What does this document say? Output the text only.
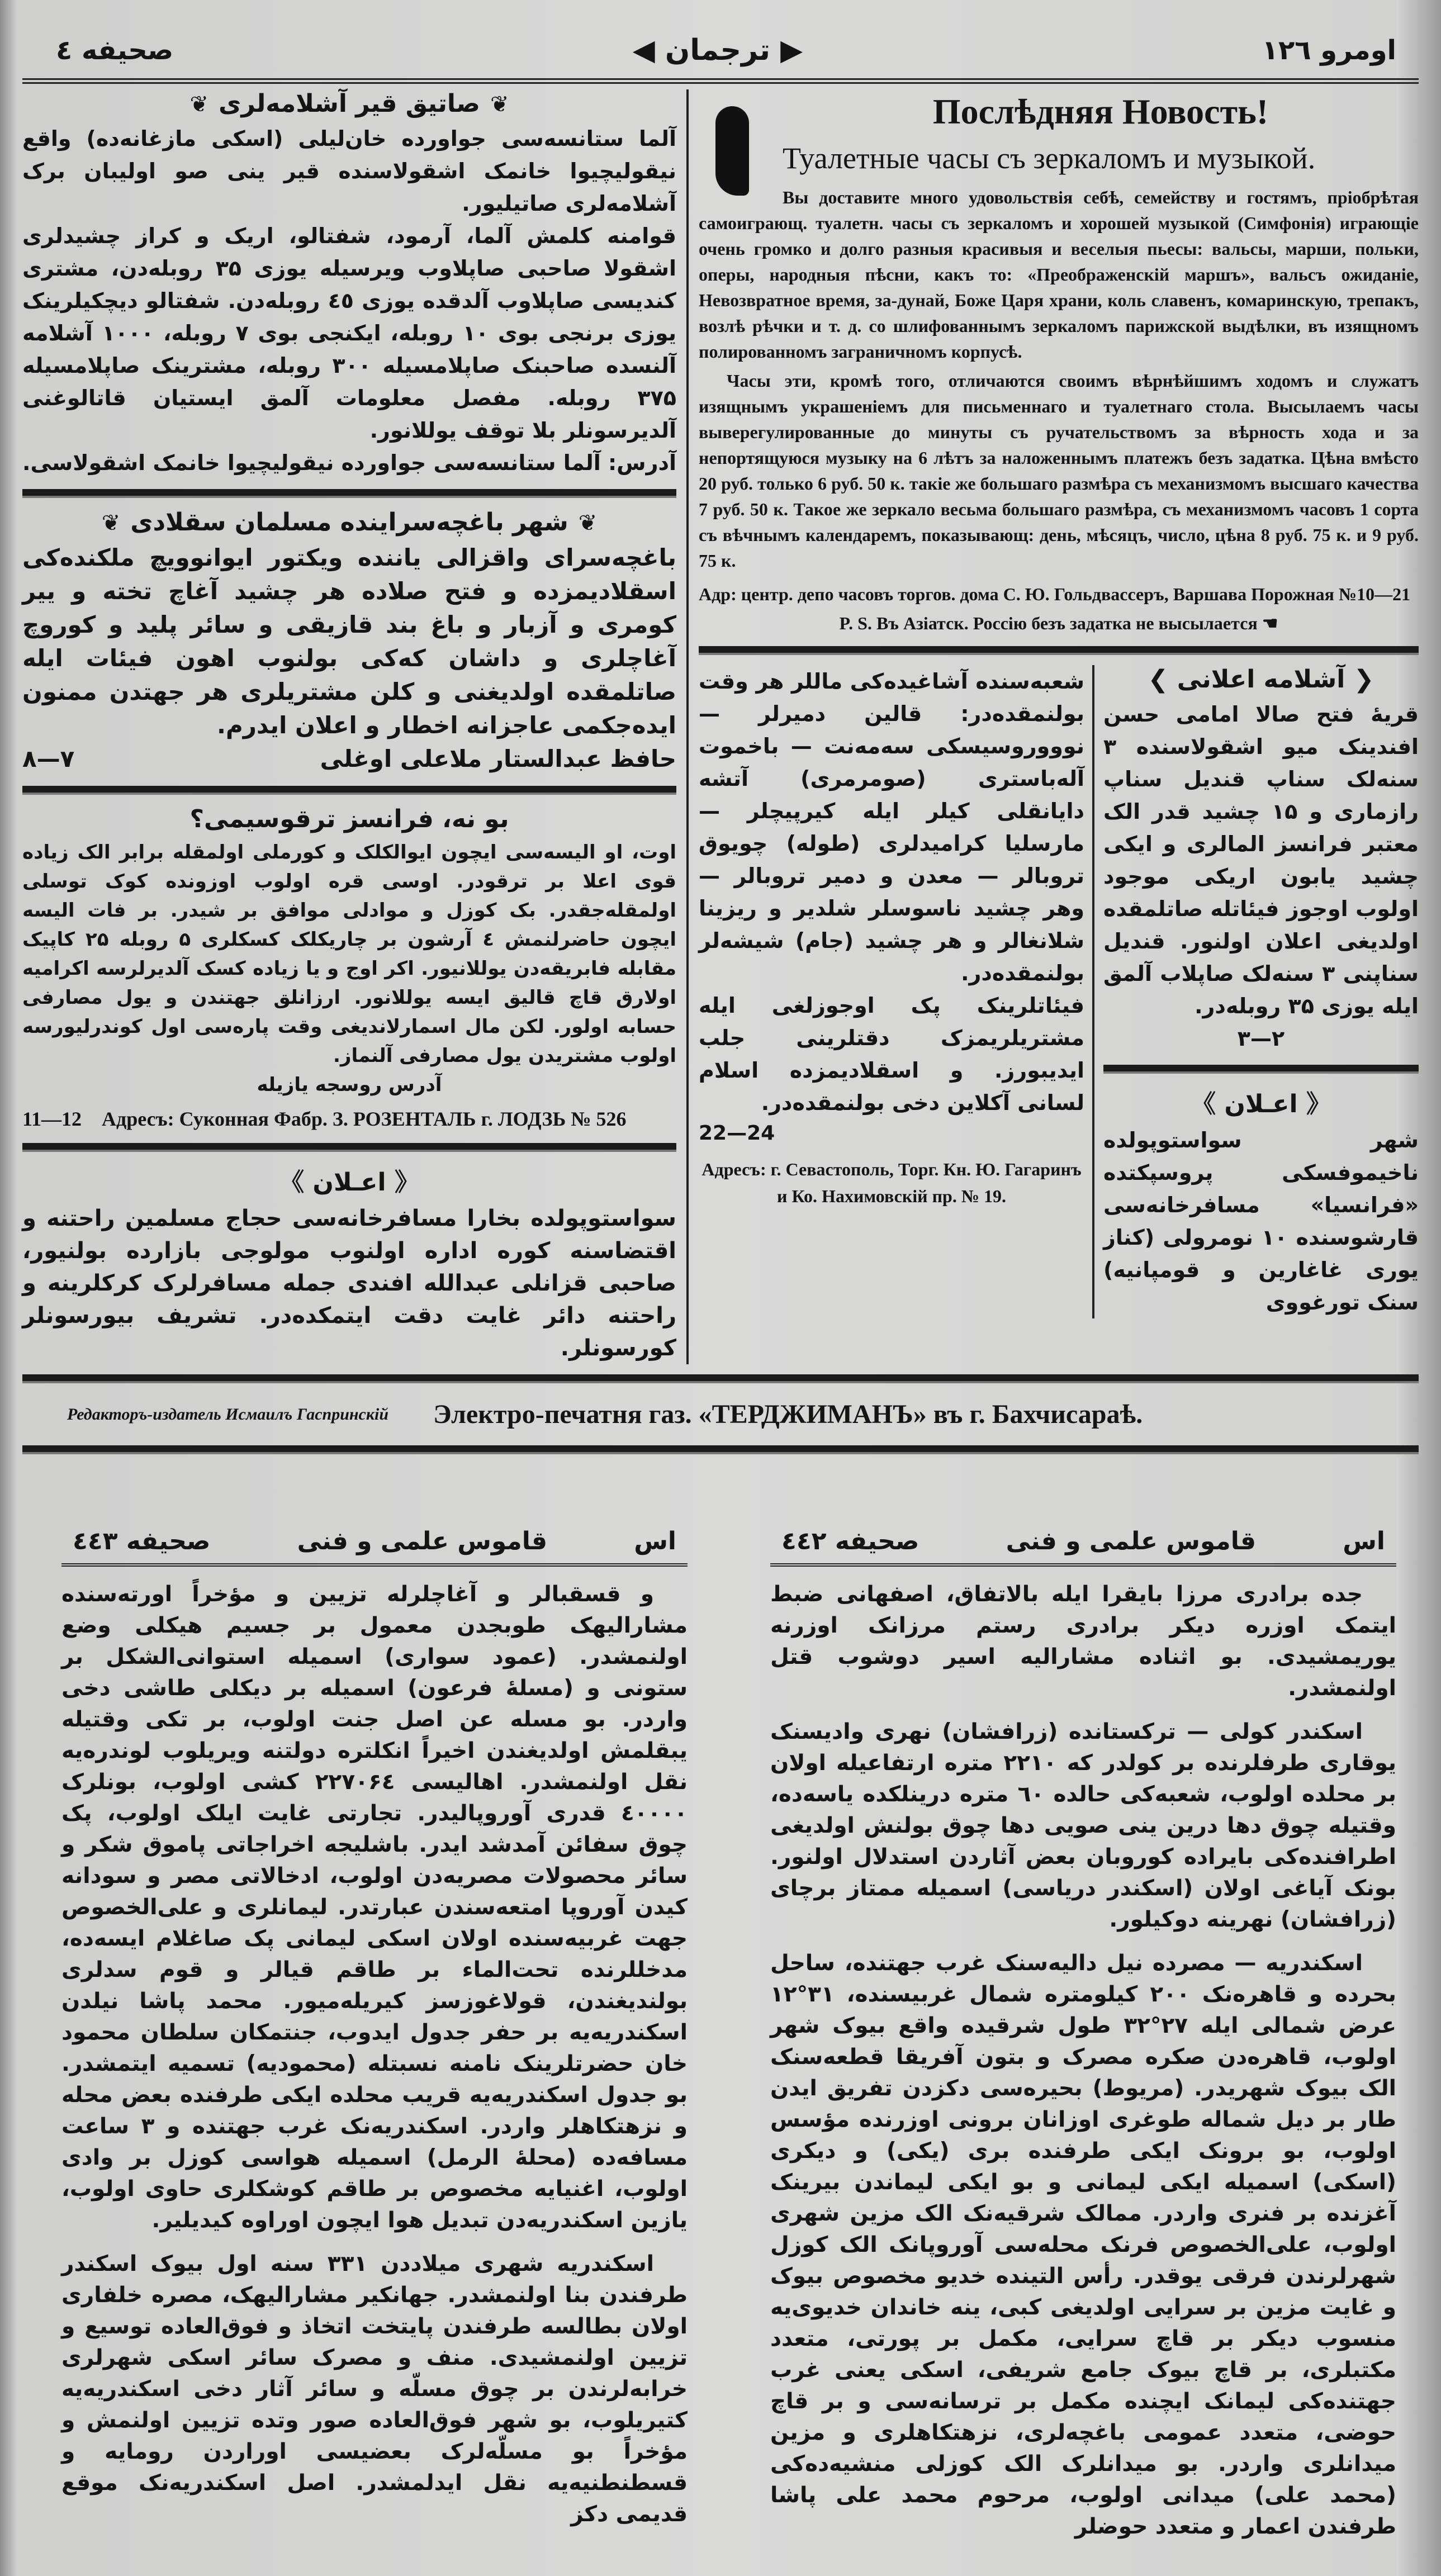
صحیفه ٤	◀ ترجمان ▶	اومرو ١٢٦
❦صاتیق قیر آشلامه‌لری❦

آلما ستانسه‌سی جواورده خان‌لیلی (اسکی مازغانه‌ده) واقع نیقولیچیوا خانمک اشقولاسنده قیر ینی صو اولیبان برک آشلامه‌لری صاتیلیور.

قوامنه کلمش آلما، آرمود، شفتالو، اریک و کراز چشیدلری اشقولا صاحبی صاپلاوب ویرسیله یوزی ۳۵ روبله‌دن، مشتری کندیسی صاپلاوب آلدقده یوزی ٤٥ روبله‌دن. شفتالو دیچکیلرینک یوزی برنجی بوی ۱۰ روبله، ایکنجی بوی ۷ روبله، ۱۰۰۰ آشلامه آلنسده صاحبنک صاپلامسیله ۳۰۰ روبله، مشترینک صاپلامسیله ۳۷۵ روبله. مفصل معلومات آلمق ایستیان قاتالوغنی آلدیرسونلر بلا توقف یوللانور.

آدرس: آلما ستانسه‌سی جواورده نیقولیچیوا خانمک اشقولاسی.

❦شهر باغچه‌سراینده مسلمان سقلادی❦

باغچه‌سرای واقزالی یاننده ویکتور ایوانوویچ ملکنده‌کی اسقلادیمزده و فتح صلاده هر چشید آغاچ تخته و ییر کومری و آزبار و باغ بند قازیقی و سائر پلید و کوروچ آغاچلری و داشان که‌کی بولنوب اهون فیئات ایله صاتلمقده اولدیغنی و کلن مشتریلری هر جهتدن ممنون ایده‌جکمی عاجزانه اخطار و اعلان ایدرم.

حافظ عبدالستار ملاعلی اوغلی
۷—۸
بو نه، فرانسز ترقوسیمی؟

اوت، او الیسه‌سی ایچون ایوالکلک و کورملی اولمقله برابر الک زیاده قوی اعلا بر ترقودر. اوسی قره اولوب اوزونده کوک توسلی اولمقله‌جقدر. بک کوزل و موادلی موافق بر شیدر. بر فات الیسه ایچون حاضرلنمش ٤ آرشون بر چاریکلک کسکلری ۵ روبله ۲۵ کاپیک مقابله فابریقه‌دن یوللانیور. اکر اوج و یا زیاده کسک آلدیرلرسه اکرامیه اولارق قاچ قالیق ایسه یوللانور. ارزانلق جهتندن و یول مصارفی حسابه اولور. لکن مال اسمارلاندیغی وقت پاره‌سی اول کوندرلیورسه اولوب مشتریدن یول مصارفی آلنماز.

آدرس روسجه یازیله
11—12 Адресъ: Суконная Фабр. З. РОЗЕНТАЛЬ г. ЛОДЗЬ № 526
《 اعـلان 》

سواستوپولده بخارا مسافرخانه‌سی حجاج مسلمین راحتنه و اقتضاسنه کوره اداره اولنوب مولوجی بازارده بولنیور، صاحبی قزانلی عبدالله افندی جمله مسافرلرک کرکلرینه و راحتنه دائر غایت دقت ایتمکده‌در. تشریف بیورسونلر کورسونلر.

Послѣдняя Новость!
Туалетные часы съ зеркаломъ и музыкой.

Вы доставите много удовольствія себѣ, семейству и гостямъ, пріобрѣтая самоиграющ. туалетн. часы съ зеркаломъ и хорошей музыкой (Симфонія) играющіе очень громко и долго разныя красивыя и веселыя пьесы: вальсы, марши, польки, оперы, народныя пѣсни, какъ то: «Преображенскій маршъ», вальсъ ожиданіе, Невозвратное время, за-дунай, Боже Царя храни, коль славенъ, комаринскую, трепакъ, возлѣ рѣчки и т. д. со шлифованнымъ зеркаломъ парижской выдѣлки, въ изящномъ полированномъ заграничномъ корпусѣ.

Часы эти, кромѣ того, отличаются своимъ вѣрнѣйшимъ ходомъ и служатъ изящнымъ украшеніемъ для письменнаго и туалетнаго стола. Высылаемъ часы выверегулированные до минуты съ ручательствомъ за вѣрность хода и за непортящуюся музыку на 6 лѣтъ за наложеннымъ платежъ безъ задатка. Цѣна вмѣсто 20 руб. только 6 руб. 50 к. такіе же большаго размѣра съ механизмомъ высшаго качества 7 руб. 50 к. Такое же зеркало весьма большаго размѣра, съ механизмомъ часовъ 1 сорта съ вѣчнымъ календаремъ, показывающ: день, мѣсяцъ, число, цѣна 8 руб. 75 к. и 9 руб. 75 к.

Адр: центр. депо часовъ торгов. дома С. Ю. Гольдвассеръ, Варшава Порожная №10—21
P. S. Въ Азіатск. Россію безъ задатка не высылается ☚

شعبه‌سنده آشاغیده‌کی ماللر هر وقت بولنمقده‌در: قالین دمیرلر — نوووروسیسکی سه‌مه‌نت — باخموت آله‌باستری (صومرمری) آتشه دایانقلی کیلر ایله کیرپیچلر — مارسلیا کرامیدلری (طوله) چویوق تروبالر — معدن و دمیر تروبالر — وهر چشید ناسوسلر شلدیر و ریزینا شلانغالر و هر چشید (جام) شیشه‌لر بولنمقده‌در.

فیئاتلرینک پک اوجوزلغی ایله مشتریلریمزک دقتلرینی جلب ایدیبورز. و اسقلادیمزده اسلام لسانی آکلاین دخی بولنمقده‌در.

22—24
Адресъ: г. Севастополь, Торг. Кн. Ю. Гагаринъ и Ко. Нахимовскій пр. № 19.
❮ آشلامه اعلانی ❯

قریهٔ فتح صالا امامی حسن افندینک میو اشقولاسنده ۳ سنه‌لک سناپ قندیل سناپ رازماری و ۱۵ چشید قدر الک معتبر فرانسز المالری و ایکی چشید یابون اریکی موجود اولوب اوجوز فیئاتله صاتلمقده اولدیغی اعلان اولنور. قندیل سناپنی ۳ سنه‌لک صاپلاب آلمق ایله یوزی ۳۵ روبله‌در.

۲—۳
《 اعـلان 》

شهر سواستوپولده ناخیموفسکی پروسپکتده «فرانسیا» مسافرخانه‌سی قارشوسنده ۱۰ نومرولی (کناز یوری غاغارین و قومپانیه) سنک تورغووی

Редакторъ-издатель Исмаилъ Гаспринскій Электро-печатня газ. «ТЕРДЖИМАНЪ» въ г. Бахчисараѣ.
اس
قاموس علمی و فنی
صحیفه ٤٤٣

و قسقبالر و آغاچلرله تزیین و مؤخراً اورته‌سنده مشارالیهک طوبجدن معمول بر جسیم هیکلی وضع اولنمشدر. (عمود سواری) اسمیله استوانی‌الشکل بر ستونی و (مسلهٔ فرعون) اسمیله بر دیکلی طاشی دخی واردر. بو مسله عن اصل جنت اولوب، بر تکی وقتیله یبقلمش اولدیغندن اخیراً انکلتره دولتنه ویریلوب لوندره‌یه نقل اولنمشدر. اهالیسی ۲۲۷۰۶٤ کشی اولوب، بونلرک ٤۰۰۰۰ قدری آوروپالیدر. تجارتی غایت ایلک اولوب، پک چوق سفائن آمدشد ایدر. باشلیجه اخراجاتی پاموق شکر و سائر محصولات مصریه‌دن اولوب، ادخالاتی مصر و سودانه کیدن آوروپا امتعه‌سندن عبارتدر. لیمانلری و علی‌الخصوص جهت غربیه‌سنده اولان اسکی لیمانی پک صاغلام ایسه‌ده، مدخللرنده تحت‌الماء بر طاقم قیالر و قوم سدلری بولندیغندن، قولاغوزسز کیریله‌میور. محمد پاشا نیلدن اسکندریه‌یه بر حفر جدول ایدوب، جنتمکان سلطان محمود خان حضرتلرینک نامنه نسبتله (محمودیه) تسمیه ایتمشدر. بو جدول اسکندریه‌یه قریب محلده ایکی طرفنده بعض محله و نزهتکاهلر واردر. اسکندریه‌نک غرب جهتنده و ۳ ساعت مسافه‌ده (محلهٔ الرمل) اسمیله هواسی کوزل بر وادی اولوب، اغنیایه مخصوص بر طاقم کوشکلری حاوی اولوب، یازین اسکندریه‌دن تبدیل هوا ایچون اوراوه کیدیلیر.

اسکندریه شهری میلاددن ۳۳۱ سنه اول بیوک اسکندر طرفندن بنا اولنمشدر. جهانکیر مشارالیهک، مصره خلفاری اولان بطالسه طرفندن پایتخت اتخاذ و فوق‌العاده توسیع و تزیین اولنمشیدی. منف و مصرک سائر اسکی شهرلری خرابه‌لرندن بر چوق مسلّه و سائر آثار دخی اسکندریه‌یه کتیریلوب، بو شهر فوق‌العاده صور وتده تزیین اولنمش و مؤخراً بو مسلّه‌لرک بعضیسی اوراردن رومایه و قسطنطنیه‌یه نقل ایدلمشدر. اصل اسکندریه‌نک موقع قدیمی دکز

اس
قاموس علمی و فنی
صحیفه ٤٤٢

جده برادری مرزا بایقرا ایله بالاتفاق، اصفهانی ضبط ایتمک اوزره دیکر برادری رستم مرزانک اوزرنه یوریمشیدی. بو اثناده مشارالیه اسیر دوشوب قتل اولنمشدر.

اسکندر کولی — ترکستانده (زرافشان) نهری وادیسنک یوقاری طرفلرنده بر کولدر که ۲۲۱۰ متره ارتفاعیله اولان بر محلده اولوب، شعبه‌کی حالده ٦۰ متره درینلکده یاسه‌ده، وقتیله چوق دها درین ینی صویی دها چوق بولنش اولدیغی اطرافنده‌کی بایراده کوروبان بعض آثاردن استدلال اولنور. بونک آیاغی اولان (اسکندر دریاسی) اسمیله ممتاز برچای (زرافشان) نهرینه دوکیلور.

اسکندریه — مصرده نیل دالیه‌سنک غرب جهتنده، ساحل بحرده و قاهره‌نک ۲۰۰ کیلومتره شمال غربیسنده، ۳۱°۱۲ عرض شمالی ایله ۲۷°۳۲ طول شرقیده واقع بیوک شهر اولوب، قاهره‌دن صکره مصرک و بتون آفریقا قطعه‌سنک الک بیوک شهریدر. (مریوط) بحیره‌سی دکزدن تفریق ایدن طار بر دیل شماله طوغری اوزانان برونی اوزرنده مؤسس اولوب، بو برونک ایکی طرفنده بری (یکی) و دیکری (اسکی) اسمیله ایکی لیمانی و بو ایکی لیماندن بیرینک آغزنده بر فنری واردر. ممالک شرقیه‌نک الک مزین شهری اولوب، علی‌الخصوص فرنک محله‌سی آوروپانک الک کوزل شهرلرندن فرقی یوقدر. رأس التینده خدیو مخصوص بیوک و غایت مزین بر سرایی اولدیغی کبی، ینه خاندان خدیوی‌یه منسوب دیکر بر قاچ سرایی، مکمل بر پورتی، متعدد مکتبلری، بر قاچ بیوک جامع شریفی، اسکی یعنی غرب جهتنده‌کی لیمانک ایچنده مکمل بر ترسانه‌سی و بر قاچ حوضی، متعدد عمومی باغچه‌لری، نزهتکاهلری و مزین میدانلری واردر. بو میدانلرک الک کوزلی منشیه‌ده‌کی (محمد علی) میدانی اولوب، مرحوم محمد علی پاشا طرفندن اعمار و متعدد حوضلر
